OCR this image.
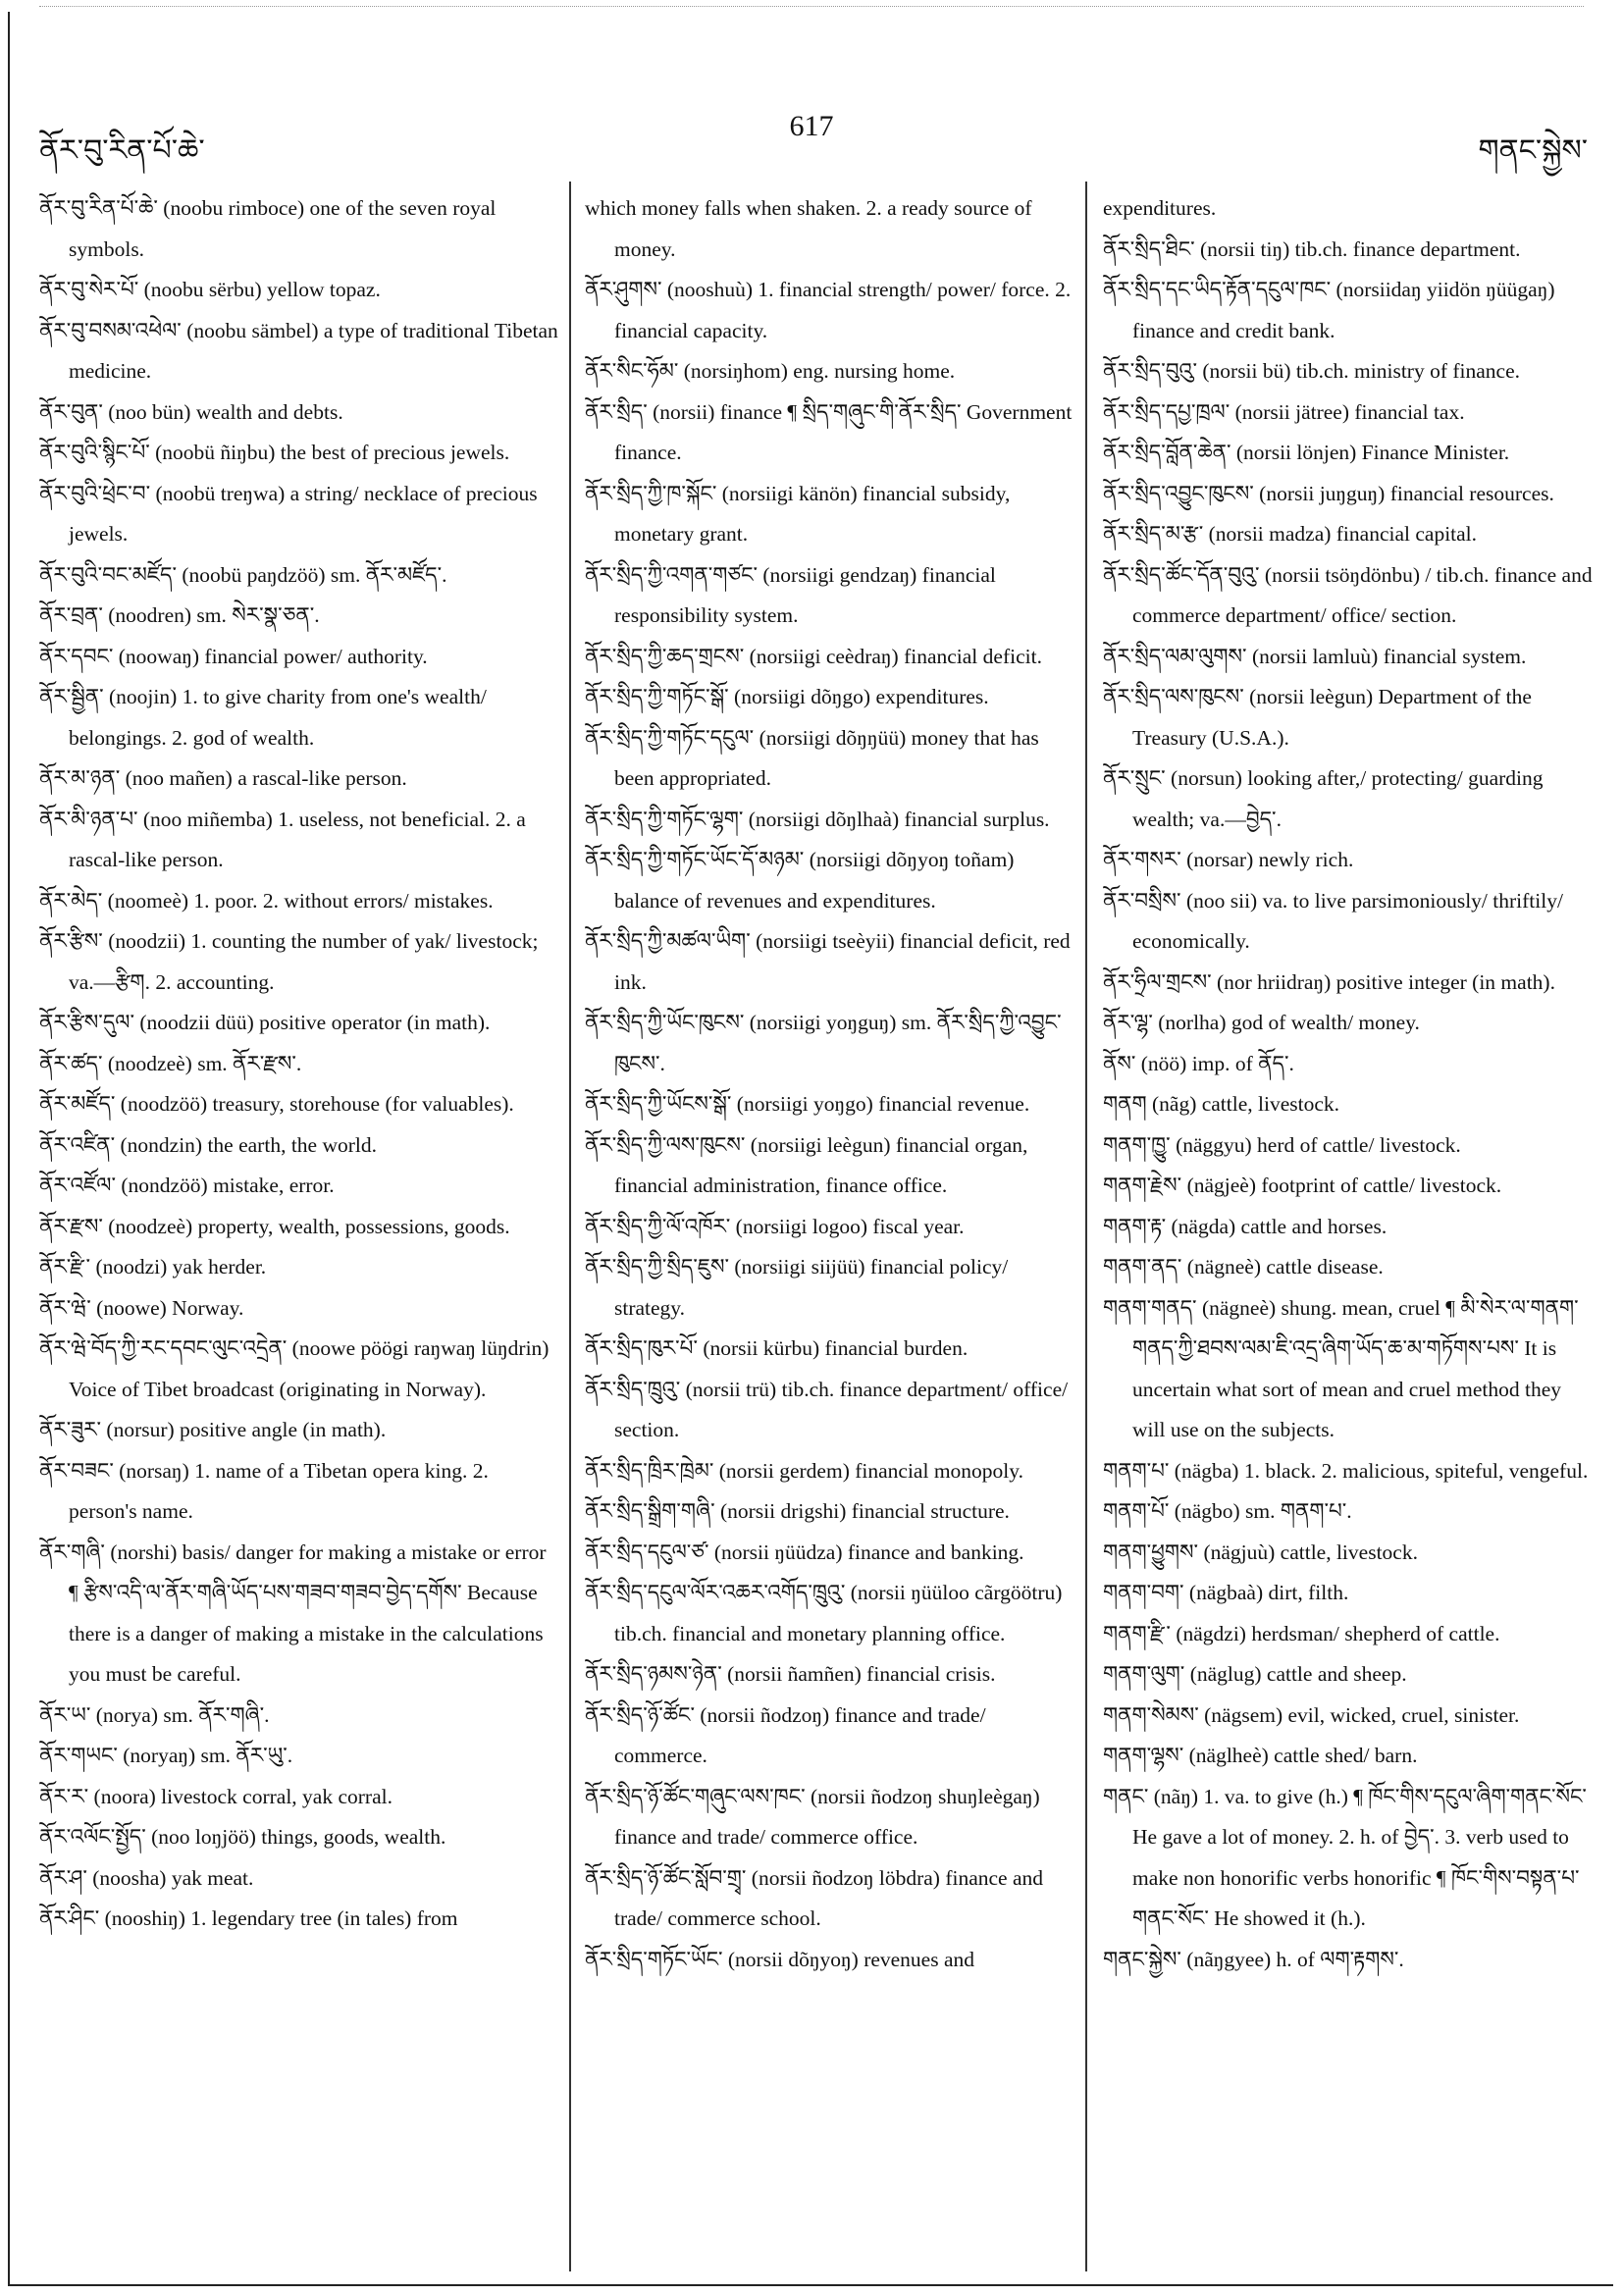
ནོར་བུ་རིན་པོ་ཆེ་
617
གནང་སྐྱེས་

ནོར་བུ་རིན་པོ་ཆེ་ (noobu rimboce) one of the seven royal symbols.

ནོར་བུ་སེར་པོ་ (noobu sërbu) yellow topaz.

ནོར་བུ་བསམ་འཕེལ་ (noobu sämbel) a type of traditional Tibetan medicine.

ནོར་བུན་ (noo bün) wealth and debts.

ནོར་བུའི་སྙིང་པོ་ (noobü ñiŋbu) the best of precious jewels.

ནོར་བུའི་ཕྲེང་བ་ (noobü treŋwa) a string/ necklace of precious jewels.

ནོར་བུའི་བང་མཛོད་ (noobü paŋdzöö) sm. ནོར་མཛོད་.

ནོར་བྲན་ (noodren) sm. སེར་སྣ་ཅན་.

ནོར་དབང་ (noowaŋ) financial power/ authority.

ནོར་སྦྱིན་ (noojin) 1. to give charity from one's wealth/ belongings. 2. god of wealth.

ནོར་མ་ཉན་ (noo mañen) a rascal-like person.

ནོར་མི་ཉན་པ་ (noo miñemba) 1. useless, not beneficial. 2. a rascal-like person.

ནོར་མེད་ (noomeè) 1. poor. 2. without errors/ mistakes.

ནོར་རྩིས་ (noodzii) 1. counting the number of yak/ livestock; va.—རྩིག. 2. accounting.

ནོར་རྩིས་དུལ་ (noodzii düü) positive operator (in math).

ནོར་ཚད་ (noodzeè) sm. ནོར་རྫས་.

ནོར་མཛོད་ (noodzöö) treasury, storehouse (for valuables).

ནོར་འཛིན་ (nondzin) the earth, the world.

ནོར་འཛོལ་ (nondzöö) mistake, error.

ནོར་རྫས་ (noodzeè) property, wealth, possessions, goods.

ནོར་རྫི་ (noodzi) yak herder.

ནོར་ཝེ་ (noowe) Norway.

ནོར་ཝེ་བོད་ཀྱི་རང་དབང་ལུང་འདྲེན་ (noowe pöögi raŋwaŋ lüŋdrin) Voice of Tibet broadcast (originating in Norway).

ནོར་ཟུར་ (norsur) positive angle (in math).

ནོར་བཟང་ (norsaŋ) 1. name of a Tibetan opera king. 2. person's name.

ནོར་གཞི་ (norshi) basis/ danger for making a mistake or error ¶ རྩིས་འདི་ལ་ནོར་གཞི་ཡོད་པས་གཟབ་གཟབ་བྱེད་དགོས་ Because there is a danger of making a mistake in the calculations you must be careful.

ནོར་ཡ་ (norya) sm. ནོར་གཞི་.

ནོར་གཡང་ (noryaŋ) sm. ནོར་ཡུ་.

ནོར་ར་ (noora) livestock corral, yak corral.

ནོར་འལོང་སྤྱོད་ (noo loŋjöö) things, goods, wealth.

ནོར་ཤ་ (noosha) yak meat.

ནོར་ཤིང་ (nooshiŋ) 1. legendary tree (in tales) from

which money falls when shaken. 2. a ready source of money.

ནོར་ཤུགས་ (nooshuù) 1. financial strength/ power/ force. 2. financial capacity.

ནོར་སིང་ཧོམ་ (norsiŋhom) eng. nursing home.

ནོར་སྲིད་ (norsii) finance ¶ སྲིད་གཞུང་གི་ནོར་སྲིད་ Government finance.

ནོར་སྲིད་ཀྱི་ཁ་སྐོང་ (norsiigi känön) financial subsidy, monetary grant.

ནོར་སྲིད་ཀྱི་འགན་གཙང་ (norsiigi gendzaŋ) financial responsibility system.

ནོར་སྲིད་ཀྱི་ཆད་གྲངས་ (norsiigi ceèdraŋ) financial deficit.

ནོར་སྲིད་ཀྱི་གཏོང་སྒོ་ (norsiigi dõŋgo) expenditures.

ནོར་སྲིད་ཀྱི་གཏོང་དངུལ་ (norsiigi dõŋŋüü) money that has been appropriated.

ནོར་སྲིད་ཀྱི་གཏོང་ལྷག་ (norsiigi dõŋlhaà) financial surplus.

ནོར་སྲིད་ཀྱི་གཏོང་ཡོང་དོ་མཉམ་ (norsiigi dõŋyoŋ toñam) balance of revenues and expenditures.

ནོར་སྲིད་ཀྱི་མཚལ་ཡིག་ (norsiigi tseèyii) financial deficit, red ink.

ནོར་སྲིད་ཀྱི་ཡོང་ཁུངས་ (norsiigi yoŋguŋ) sm. ནོར་སྲིད་ཀྱི་འབྱུང་ཁུངས་.

ནོར་སྲིད་ཀྱི་ཡོངས་སྒོ་ (norsiigi yoŋgo) financial revenue.

ནོར་སྲིད་ཀྱི་ལས་ཁུངས་ (norsiigi leègun) financial organ, financial administration, finance office.

ནོར་སྲིད་ཀྱི་ལོ་འཁོར་ (norsiigi logoo) fiscal year.

ནོར་སྲིད་ཀྱི་སྲིད་ཇུས་ (norsiigi siijüü) financial policy/ strategy.

ནོར་སྲིད་ཁུར་པོ་ (norsii kürbu) financial burden.

ནོར་སྲིད་ཁྲུའུ་ (norsii trü) tib.ch. finance department/ office/ section.

ནོར་སྲིད་ཁྲིར་ཁྲེམ་ (norsii gerdem) financial monopoly.

ནོར་སྲིད་སྒྲིག་གཞི་ (norsii drigshi) financial structure.

ནོར་སྲིད་དངུལ་ཙ་ (norsii ŋüüdza) finance and banking.

ནོར་སྲིད་དངུལ་ལོར་འཆར་འགོད་ཁྲུའུ་ (norsii ŋüüloo cãrgöötru) tib.ch. financial and monetary planning office.

ནོར་སྲིད་ཉམས་ཉེན་ (norsii ñamñen) financial crisis.

ནོར་སྲིད་ཉོ་ཚོང་ (norsii ñodzoŋ) finance and trade/ commerce.

ནོར་སྲིད་ཉོ་ཚོང་གཞུང་ལས་ཁང་ (norsii ñodzoŋ shuŋleègaŋ) finance and trade/ commerce office.

ནོར་སྲིད་ཉོ་ཚོང་སློབ་གྲྭ་ (norsii ñodzoŋ löbdra) finance and trade/ commerce school.

ནོར་སྲིད་གཏོང་ཡོང་ (norsii dõŋyoŋ) revenues and

expenditures.

ནོར་སྲིད་ཐིང་ (norsii tiŋ) tib.ch. finance department.

ནོར་སྲིད་དང་ཡིད་རྟོན་དངུལ་ཁང་ (norsiidaŋ yiidön ŋüügaŋ) finance and credit bank.

ནོར་སྲིད་བུའུ་ (norsii bü) tib.ch. ministry of finance.

ནོར་སྲིད་དཔྱ་ཁྲལ་ (norsii jätree) financial tax.

ནོར་སྲིད་བློན་ཆེན་ (norsii lönjen) Finance Minister.

ནོར་སྲིད་འབྱུང་ཁུངས་ (norsii juŋguŋ) financial resources.

ནོར་སྲིད་མ་རྩ་ (norsii madza) financial capital.

ནོར་སྲིད་ཚོང་དོན་བུའུ་ (norsii tsöŋdönbu) / tib.ch. finance and commerce department/ office/ section.

ནོར་སྲིད་ལམ་ལུགས་ (norsii lamluù) financial system.

ནོར་སྲིད་ལས་ཁུངས་ (norsii leègun) Department of the Treasury (U.S.A.).

ནོར་སྲུང་ (norsun) looking after,/ protecting/ guarding wealth; va.—བྱེད་.

ནོར་གསར་ (norsar) newly rich.

ནོར་བསྲིས་ (noo sii) va. to live parsimoniously/ thriftily/ economically.

ནོར་ཧྲིལ་གྲངས་ (nor hriidraŋ) positive integer (in math).

ནོར་ལྷ་ (norlha) god of wealth/ money.

ནོས་ (nöö) imp. of ནོད་.

གནག (nãg) cattle, livestock.

གནག་ཁྱུ་ (näggyu) herd of cattle/ livestock.

གནག་རྗེས་ (nägjeè) footprint of cattle/ livestock.

གནག་རྟ་ (nägda) cattle and horses.

གནག་ནད་ (nägneè) cattle disease.

གནག་གནད་ (nägneè) shung. mean, cruel ¶ མི་སེར་ལ་གནག་གནད་ཀྱི་ཐབས་ལམ་ཇི་འདྲ་ཞིག་ཡོད་ཆ་མ་གཏོགས་པས་ It is uncertain what sort of mean and cruel method they will use on the subjects.

གནག་པ་ (nägba) 1. black. 2. malicious, spiteful, vengeful.

གནག་པོ་ (nägbo) sm. གནག་པ་.

གནག་ཕྱུགས་ (nägjuù) cattle, livestock.

གནག་བག་ (nägbaà) dirt, filth.

གནག་རྫི་ (nägdzi) herdsman/ shepherd of cattle.

གནག་ལུག་ (näglug) cattle and sheep.

གནག་སེམས་ (nägsem) evil, wicked, cruel, sinister.

གནག་ལྷས་ (näglheè) cattle shed/ barn.

གནང་ (nãŋ) 1. va. to give (h.) ¶ ཁོང་གིས་དངུལ་ཞིག་གནང་སོང་ He gave a lot of money. 2. h. of བྱེད་. 3. verb used to make non honorific verbs honorific ¶ ཁོང་གིས་བསྟན་པ་གནང་སོང་ He showed it (h.).

གནང་སྐྱེས་ (nãŋgyee) h. of ལག་རྟགས་.
